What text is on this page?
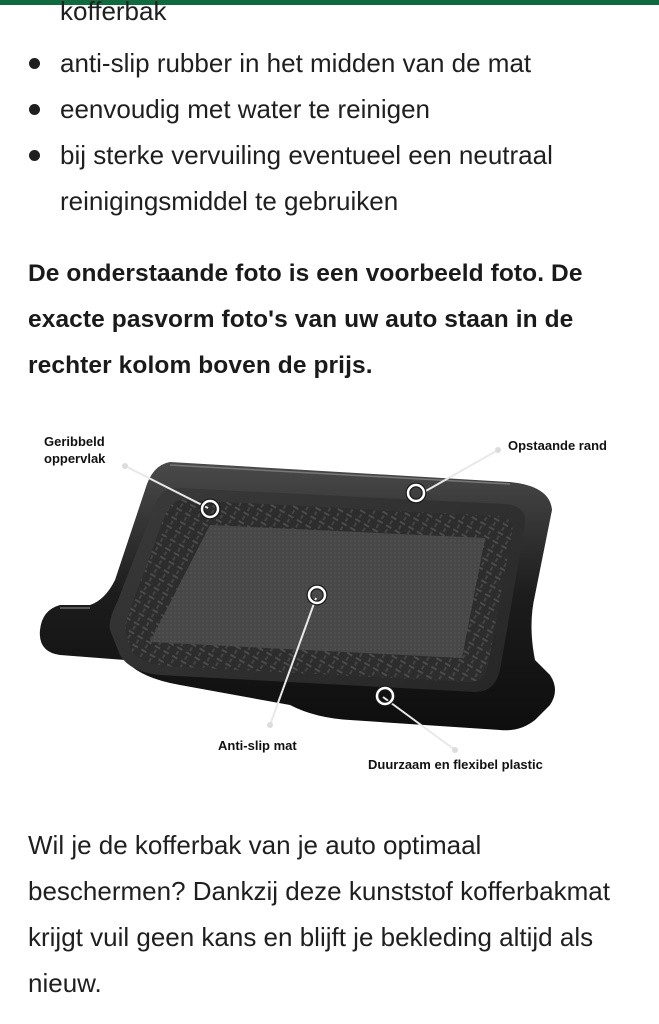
kofferbak
anti-slip rubber in het midden van de mat
eenvoudig met water te reinigen
bij sterke vervuiling eventueel een neutraal reinigingsmiddel te gebruiken
De onderstaande foto is een voorbeeld foto. De exacte pasvorm foto's van uw auto staan in de rechter kolom boven de prijs.
Geribbeld oppervlak
Opstaande rand
Anti-slip mat
Duurzaam en flexibel plastic
Wil je de kofferbak van je auto optimaal beschermen? Dankzij deze kunststof kofferbakmat krijgt vuil geen kans en blijft je bekleding altijd als nieuw.
